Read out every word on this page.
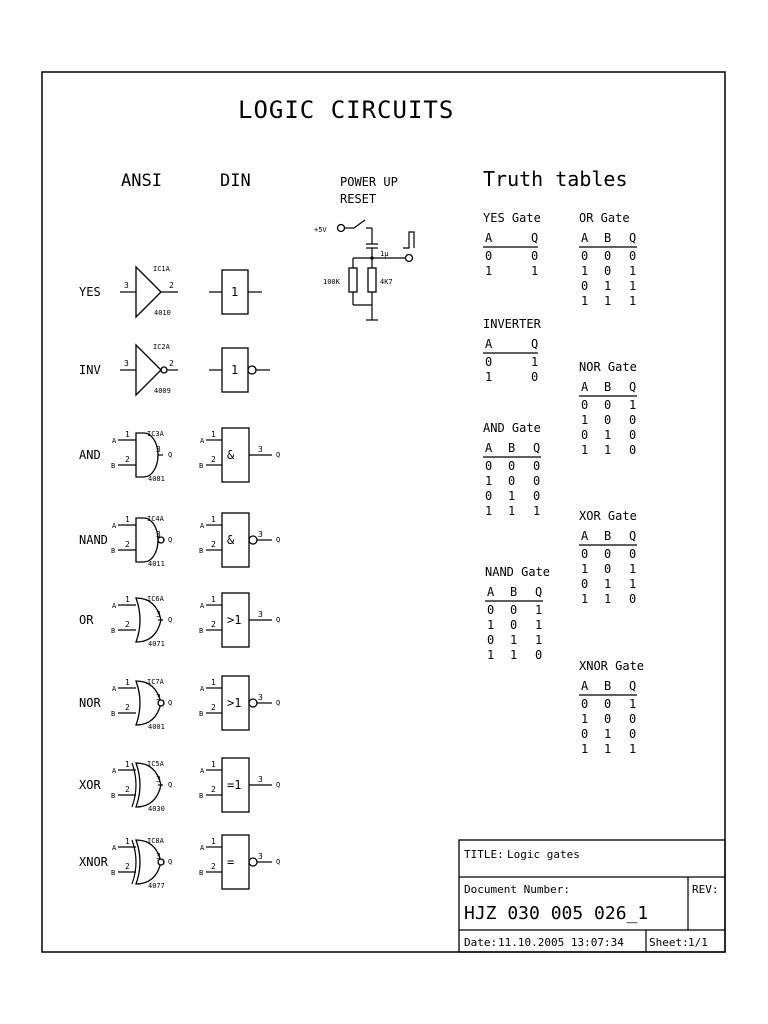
LOGIC CIRCUITS
ANSI	DIN
YES	3	2
IC1A
4010
1
INV	3	2
IC2A
4009
1
AND
A
B
1
2
3
Q
IC3A
4081
A
B
1
2 &	3
Q
NAND
A
B
1
2
3
Q
IC4A
4011
A
B
1
2 &	3
Q
OR
A
B
1
2
3
Q
IC6A
4071
A
B
1
2 >1 3
Q
NOR
A
B
1
2
3
Q
IC7A
4001
A
B
1
2 >1 3
Q
XOR
A
B
1
2
3
Q
IC5A
4030
A
B
1
2 =1 3
Q
XNOR
A
B
1
2
3
Q
IC8A
4077
A
B
1
2 =	3
Q
POWER UP
RESET
+5V
1μ
100K	4K7
Truth tables
YES Gate
A	Q
0	0
1	1
INVERTER
A	Q
0	1
1	0
AND Gate
A B Q
0 0 0
1 0 0
0 1 0
1 1 1
NAND Gate
A B Q
0 0 1
1 0 1
0 1 1
1 1 0
OR Gate
A B Q
0 0 0
1 0 1
0 1 1
1 1 1
NOR Gate
A B Q
0 0 1
1 0 0
0 1 0
1 1 0
XOR Gate
A B Q
0 0 0
1 0 1
0 1 1
1 1 0
XNOR Gate
A B Q
0 0 1
1 0 0
0 1 0
1 1 1
TITLE: Logic gates
Document Number:
HJZ 030 005 026_1
REV:
Date: 11.10.2005 13:07:34 Sheet: 1/1
